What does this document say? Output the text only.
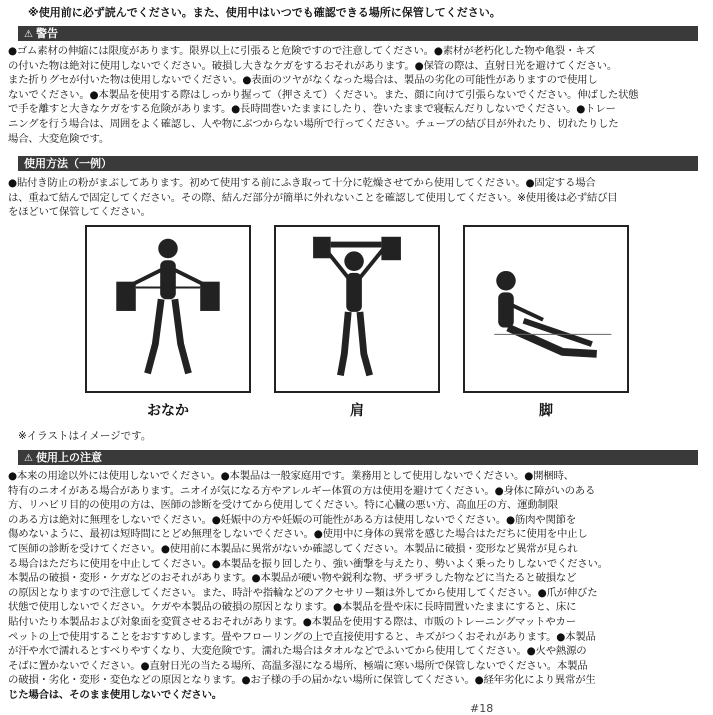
※使用前に必ず読んでください。また、使用中はいつでも確認できる場所に保管してください。
⚠ 警告
●ゴム素材の伸縮には限度があります。限界以上に引張ると危険ですので注意してください。●素材が老朽化した物や亀裂・キズ
の付いた物は絶対に使用しないでください。破損し大きなケガをするおそれがあります。●保管の際は、直射日光を避けてください。
また折りグセが付いた物は使用しないでください。●表面のツヤがなくなった場合は、製品の劣化の可能性がありますので使用し
ないでください。●本製品を使用する際はしっかり握って（押さえて）ください。また、顔に向けて引張らないでください。伸ばした状態
で手を離すと大きなケガをする危険があります。●長時間巻いたままにしたり、巻いたままで寝転んだりしないでください。●トレー
ニングを行う場合は、周囲をよく確認し、人や物にぶつからない場所で行ってください。チューブの結び目が外れたり、切れたりした
場合、大変危険です。
使用方法（一例）
●貼付き防止の粉がまぶしてあります。初めて使用する前にふき取って十分に乾燥させてから使用してください。●固定する場合
は、重ねて結んで固定してください。その際、結んだ部分が簡単に外れないことを確認して使用してください。※使用後は必ず結び目
をほどいて保管してください。
おなか	肩	脚
※イラストはイメージです。
⚠ 使用上の注意
●本来の用途以外には使用しないでください。●本製品は一般家庭用です。業務用として使用しないでください。●開梱時、
特有のニオイがある場合があります。ニオイが気になる方やアレルギー体質の方は使用を避けてください。●身体に障がいのある
方、リハビリ目的の使用の方は、医師の診断を受けてから使用してください。特に心臓の悪い方、高血圧の方、運動制限
のある方は絶対に無理をしないでください。●妊娠中の方や妊娠の可能性がある方は使用しないでください。●筋肉や関節を
傷めないように、最初は短時間にとどめ無理をしないでください。●使用中に身体の異常を感じた場合はただちに使用を中止し
て医師の診断を受けてください。●使用前に本製品に異常がないか確認してください。本製品に破損・変形など異常が見られ
る場合はただちに使用を中止してください。●本製品を振り回したり、強い衝撃を与えたり、勢いよく乗ったりしないでください。
本製品の破損・変形・ケガなどのおそれがあります。●本製品が硬い物や鋭利な物、ザラザラした物などに当たると破損など
の原因となりますので注意してください。また、時計や指輪などのアクセサリー類は外してから使用してください。●爪が伸びた
状態で使用しないでください。ケガや本製品の破損の原因となります。●本製品を畳や床に長時間置いたままにすると、床に
貼付いたり本製品および対象面を変質させるおそれがあります。●本製品を使用する際は、市販のトレーニングマットやカー
ペットの上で使用することをおすすめします。畳やフローリングの上で直接使用すると、キズがつくおそれがあります。●本製品
が汗や水で濡れるとすべりやすくなり、大変危険です。濡れた場合はタオルなどでふいてから使用してください。●火や熱源の
そばに置かないでください。●直射日光の当たる場所、高温多湿になる場所、極端に寒い場所で保管しないでください。本製品
の破損・劣化・変形・変色などの原因となります。●お子様の手の届かない場所に保管してください。●経年劣化により異常が生
じた場合は、そのまま使用しないでください。
#18
